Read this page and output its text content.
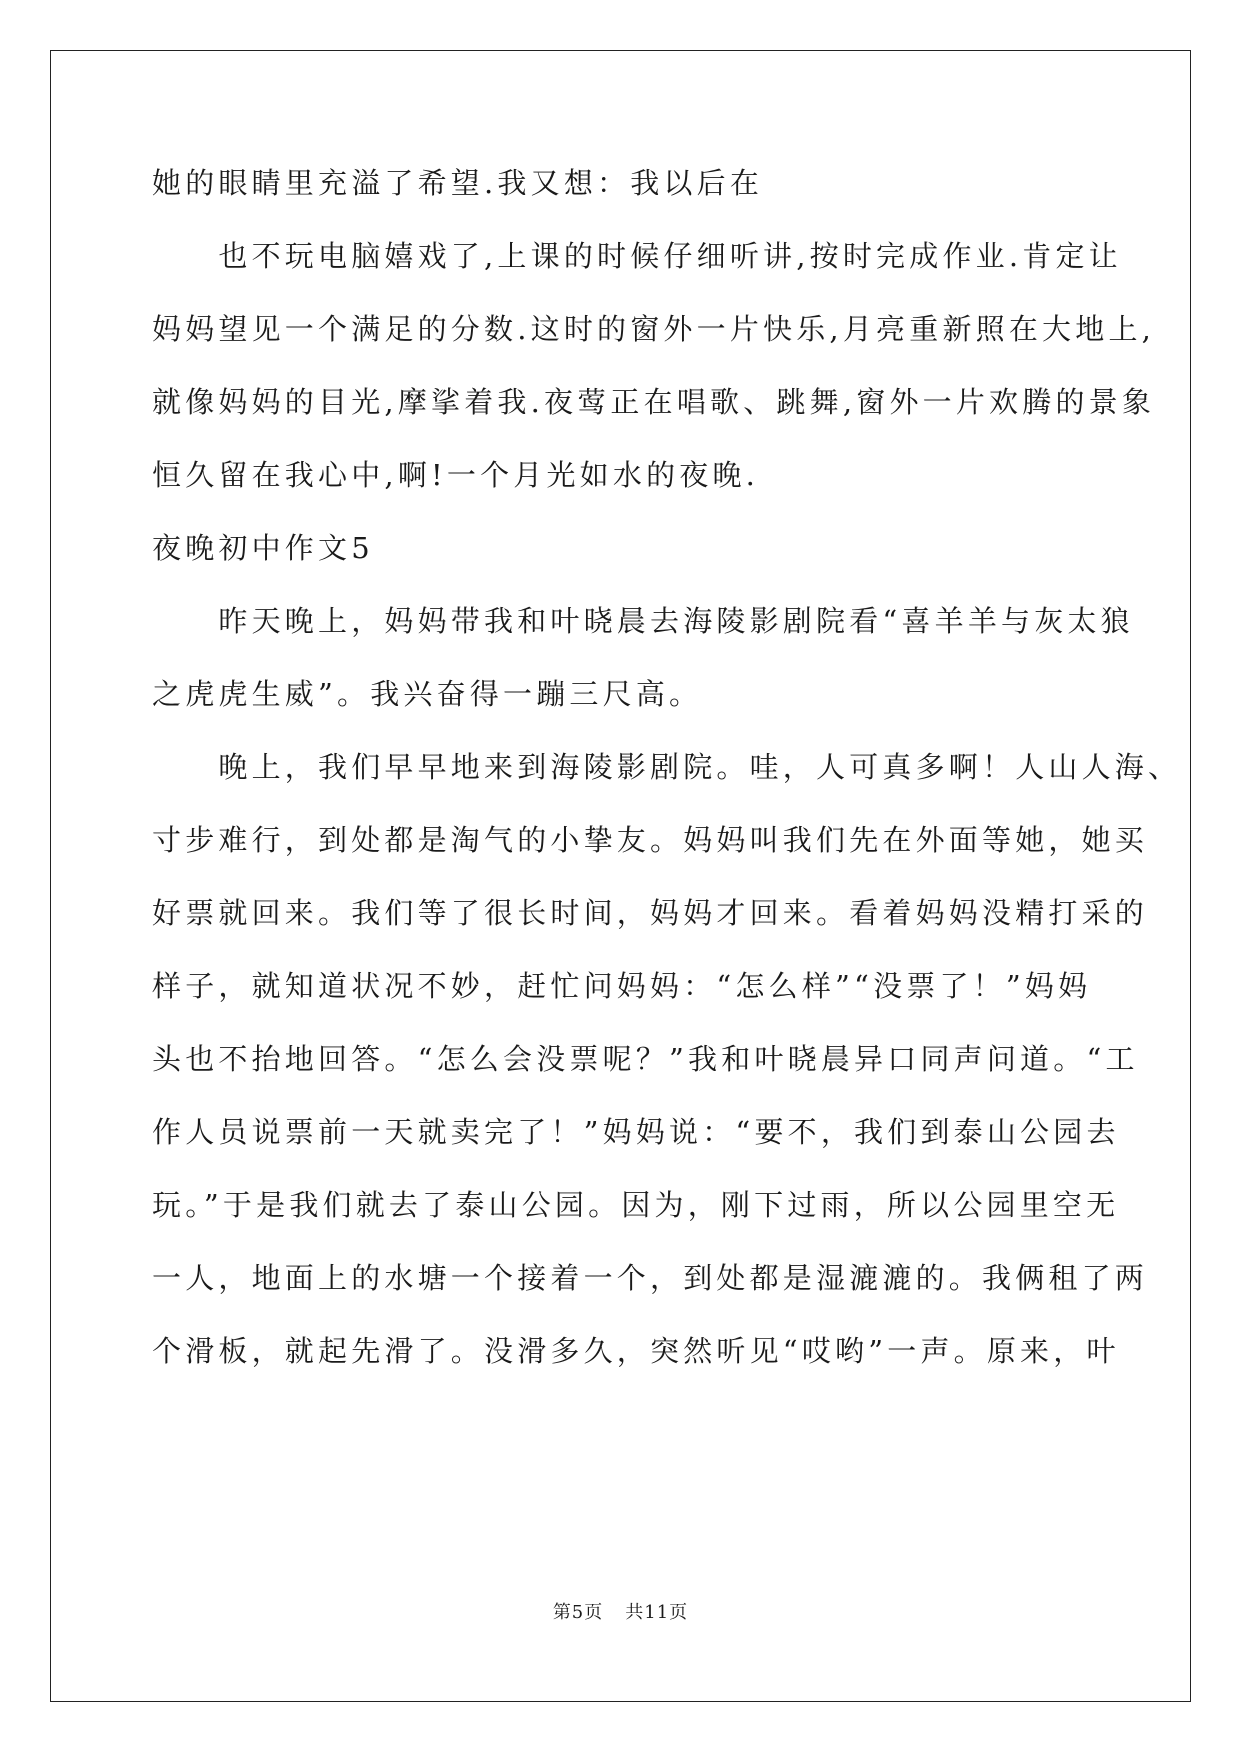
她的眼睛里充溢了希望.我又想：我以后在
　　也不玩电脑嬉戏了,上课的时候仔细听讲,按时完成作业.肯定让
妈妈望见一个满足的分数.这时的窗外一片快乐,月亮重新照在大地上,
就像妈妈的目光,摩挲着我.夜莺正在唱歌、跳舞,窗外一片欢腾的景象
恒久留在我心中,啊!一个月光如水的夜晚.
夜晚初中作文5
　　昨天晚上，妈妈带我和叶晓晨去海陵影剧院看“喜羊羊与灰太狼
之虎虎生威”。我兴奋得一蹦三尺高。
　　晚上，我们早早地来到海陵影剧院。哇，人可真多啊！人山人海、
寸步难行，到处都是淘气的小挚友。妈妈叫我们先在外面等她，她买
好票就回来。我们等了很长时间，妈妈才回来。看着妈妈没精打采的
样子，就知道状况不妙，赶忙问妈妈：“怎么样”“没票了！”妈妈
头也不抬地回答。“怎么会没票呢？”我和叶晓晨异口同声问道。“工
作人员说票前一天就卖完了！”妈妈说：“要不，我们到泰山公园去
玩。”于是我们就去了泰山公园。因为，刚下过雨，所以公园里空无
一人，地面上的水塘一个接着一个，到处都是湿漉漉的。我俩租了两
个滑板，就起先滑了。没滑多久，突然听见“哎哟”一声。原来，叶
第5页 共11页
